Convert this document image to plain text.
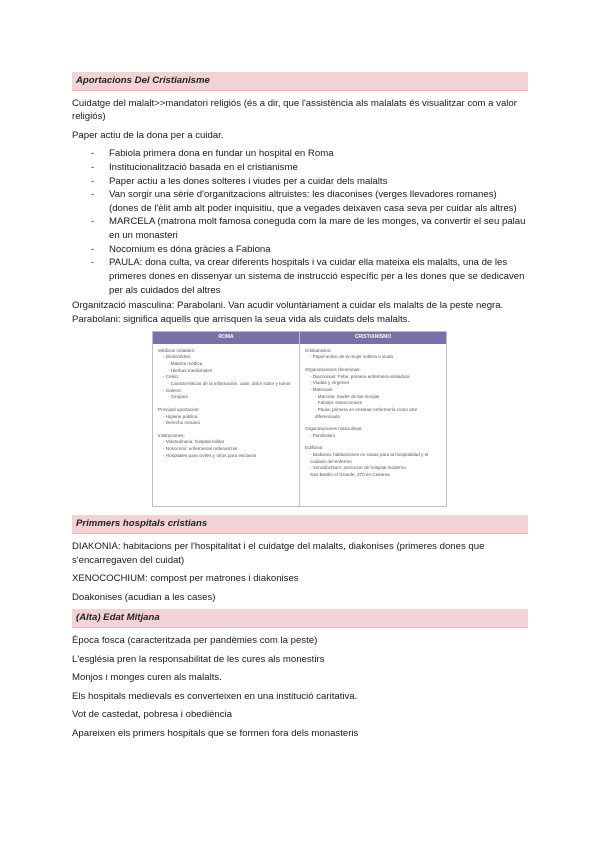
Aportacions Del Cristianisme

Cuidatge del malalt>>mandatori religiós (és a dir, que l'assistència als malalats és visualitzar com a valor religiós)

Paper actiu de la dona per a cuidar.

- Fabiola primera dona en fundar un hospital en Roma
- Institucionalització basada en el cristianisme
- Paper actiu a les dones solteres i viudes per a cuidar dels malalts
- Van sorgir una sèrie d'organitzacions altruistes: les diaconises (verges llevadores romanes) (dones de l'èlit amb alt poder inquisitiu, que a vegades deixaven casa seva per cuidar als altres)
- MARCELA (matrona molt famosa coneguda com la mare de les monges, va convertir el seu palau en un monasteri
- Nocomium es dóna gràcies a Fabiona
- PAULA: dona culta, va crear diferents hospitals i va cuidar ella mateixa els malalts, una de les primeres dones en dissenyar un sistema de instrucció específic per a les dones que se dedicaven per als cuidados del altres

Organització masculina: Parabolani. Van acudir voluntàriament a cuidar els malalts de la peste negra.

Parabolani: significa aquells que arrisquen la seua vida als cuidats dels malalts.

ROMA
Médicos notables:
- Dioscórides:
· Materia médica
· Hierbas medicinales
- Celso:
· Características de la inflamación, calor, dolor rubor y tumor
- Galeno
· Cirujano
Principal aportacion:
- Higiene pública
- Derecho romano
Instituciones:
- Valetudinaria: hospital militar
- Nosocomi: enfermeras ordenanzas
- Hospitales para civiles y otros para esclavos
CRISTIANISMO
Cristianismo:
- Papel activo de la mujer soltera o viuda
Organizaciones femeninas:
- Diaconisas: Febe, primera enfermera visitadora
- Viudas y vírgenes
- Matronas:
· Marcela: madre de las monjas
· Fabiola: Nosocomium
· Paula: primera en ensenar enfermería como arte diferenciado
Organizaciones masculinas:
- Parabolani
Edificios:
- Diakonia: habitaciones en casas para la hospitalidad y el cuidado del enfermo
- Xenodochium: precursor de hospital moderno
San Basilio el Grande, 370 en Cesárea
Primmers hospitals cristians

DIAKONIA: habitacions per l'hospitalitat i el cuidatge del malalts, diakonises (primeres dones que s'encarregaven del cuidat)

XENOCOCHIUM: compost per matrones i diakonises

Doakonises (acudian a les cases)

(Alta) Edat Mitjana

Època fosca (caracteritzada per pandèmies com la peste)

L'església pren la responsabilitat de les cures als monestirs

Monjos i monges curen als malalts.

Els hospitals medievals es converteixen en una institució caritativa.

Vot de castedat, pobresa i obediència

Apareixen els primers hospitals que se formen fora dels monasteris
